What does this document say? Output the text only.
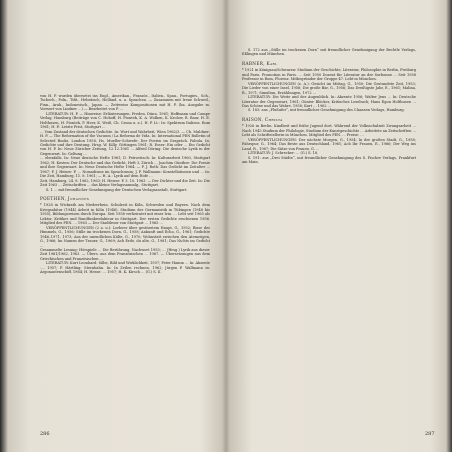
von H. P. wurden übersetzt ins Engl., Amerikan., Französ., Italien., Span., Portugies., Sch., Tschech., Poln., Tifit., Hebräisch, Holländ. u. a. Sprachen. — Zusammen mit Irene Schwed., Finn., Arab., Indonesisch., Japan. — Zeitweise Kompositionen mit H. P. (ha. Ausgabe m. Vorwort von Lindner …) — Bearbeitet von P. …

LITERATUR: H. P. — Hinweise: Erläuterungen. Freden. Dünn. 1961; Hoffmann und Campe Verlag, Hamburg (Beiträge von C. Hohoff, H. Piontek, K. A. Wolken, K. Krolow, R. Baur, H. E. Holthusen, H. Piontek, F. Heer, K. Weiß, Ch. Crona u. a.). H. P. Lt.: In: Spektrum Italiens. Rom 1961; H. P.: Letzte Frist, Stuttgart …

… Vom Zustand der deutschen Gedichte. In: Wort und Wahrheit, Wien 1962/3. — Ch. Muldner: H. P. — The Reformation of the Vacuum / La Reforma de Vida. In: International PEN Bulletin of Selected Books. London 1958, Hs. Mueller-Schwefe: Der Poeten im Gespräch. Fabula. In: Gedichte und ihre Deutung. Hrsg. W. Killy, Göttingen 1961; R. Esser: Ein oder … Ein Gedicht von H. P. In: Neue Züricher Zeitung, 12.12.1961 … Alfred Döring: Die deutsche Lyrik in der Gegenwart. In: Geltung …

… ebenfalls. In: Neue deutsche Hefte 1961; D. Petrovitsch: In: Kulturarbeit 1960, Stuttgart 1962; H. Kesten: Der Deutsche und das Gedicht, Heft 3, Zürich … Joachim Günther: Die Poesie und ihre Gegenwart. In: Neue Deutsche Hefte 1964. — F. J. Roth: Das Gedicht im Zeitalter … 1967; F. J. Heiser: P. … Nomadisme im Sprachraum; J. P. Wallmann: Konstellationen und … In: Die Zeit, Hamburg, 11. 8. 1961; — H. A.: Lyrik auf dem Hofe …

Zeit, Hamburg, 24. 8. 1962, 1963; H. Heiser: P. 3. 10. 1963. — Der Dichter und die Zeit. In: Die Zeit 1963 … Zeitschriften … das kleine Verlagssammlg., Stuttgart.

S. 1 … mit freundlicher Genehmigung der Deutschen Verlagsanstalt, Stuttgart.

POETHEN, Johannes

* 1928 in Wickrath am Niederrhein. Schulzeit in Köln, Schweden und Bayern. Nach dem Kriegsabitur (1944) Arbeit in Köln (1946). Studium der Germanistik in Tübingen (1948 bis 1955), Bildungsreisen durch Europa. Seit 1956 verheiratet mit einer Irin. … Lebt seit 1965 als Lektor, Kritiker und Rundfunkredakteur in Stuttgart. Der ersten Gedichte erschienen 1956. Mitglied des PEN. … 1963 — Der Stadtleser von Stuttgart … 1965 …

VERÖFFENTLICHUNGEN (2 a. u.): Lorbeer über gestürztem Haupt, G., 1952; Risse des Himmels, G., 1956; Stille im trockenen Dorn, G., 1958; Ankunft und Echo, G., 1961; Gedichte 1946–1971, 1973; Aus der unendlichen Kälte, G., 1970; Wohnstatt zwischen den Atemzügen, G., 1966; Im Namen der Trauer, G., 1969; Ach Erde, du alte, G., 1981; Das Nichts im Gedicht …

Gesammelte Lesung: Hörspiele … Die Berührung, Nachwort 1955; … (Hrsg.) Lyrik aus dieser Zeit 1961/1962, 1963. — Übers. aus dem Französischen … 1967. — Übersetzungen aus dem Griechischen und Französischen …

LITERATUR: Kurt Leonhard: Silbe, Bild und Wirklichkeit, 1957; Peter Hamm … In: Akzente …, 1957; P. Härtling: Sternbahn. In: In Zeilen rechnen, 1962; Jürgen P. Wallmann in: Argonautenschiff, 1964; H. Hesse: … 1957; H. K. Kirsch … (G.) S. II.

286

S. 172 aus „Stille im trockenen Dorn“ mit freundlicher Genehmigung der Bechtle Verlags, Eßlingen und München.

RABNER, Karl

* 1921 in Königsau/Schwarzw. Studium der Geschichte, Literatur, Philosophie in Berlin, Freiburg und Paris. Promotion in Paris. … Seit 1950 Dozent für Literatur an der Sorbonne … Seit 1958 Professor in Rom, Florenz. Mitbegründer der Gruppe 47. Lebt in München.

VERÖFFENTLICHUNGEN (z. A.): Gesicht im Mittag, G., 1950; Die Gestundete Zeit, 1953; Die Lieder von einer Insel, 1956; Die große Bär, G., 1956; Das Dreißigste Jahr, E., 1961; Malina, R., 1971; Simultan, Erzählungen, 1972 …

LITERATUR: Die Weite und der Augenblick. In: Akzente 1956; Walter Jens … In: Deutsche Literatur der Gegenwart, 1961; Günter Blöcker, Kritisches Lesebuch; Hans Egon Holthusen … Das Schöne und das Wahre, 1958; Kurt … 1962 …

S. 183: aus „Flußufer“, mit freundlicher Genehmigung des Claassen Verlags, Hamburg.

RAISON, Christa

* 1926 in Berlin. Kindheit und frühe Jugend dort. Während der Volksschulzeit Zwangsarbeit … Nach 1945 Studium der Philologie, Studium der Kunstgeschichte … Arbeitete an Zeitschriften … Lebt als Schriftstellerin in München. Mitglied des PEN. … Preise: …

VERÖFFENTLICHUNGEN: Der nächste Morgen, G., 1954; In der großen Stadt, G., 1958; Fahrspur, G., 1964; Das Beste aus Deutschland, 1961; Ach Ihr Frauen, E., 1966; Der Weg ins Land, R., 1967; Die Sätze von Frauen, G. …

LITERATUR: J. Schrecker: … (G.) S. 18.

S. 191: aus „Drei Städte“, mit freundlicher Genehmigung des S. Fischer Verlags, Frankfurt am Main.

287
